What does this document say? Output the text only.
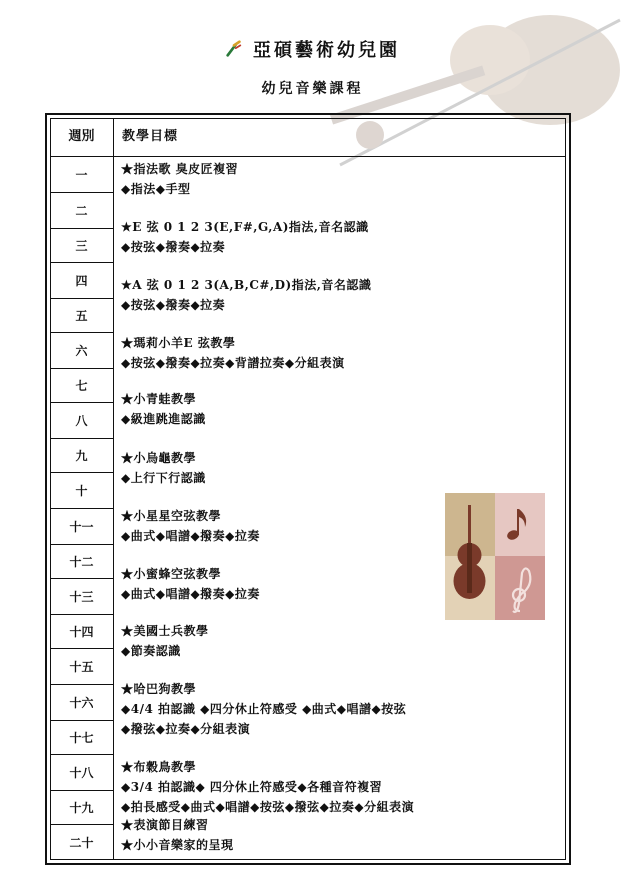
亞碩藝術幼兒園
幼兒音樂課程
週別	教學目標
一
二
三
四
五
六
七
八
九
十
十一
十二
十三
十四
十五
十六
十七
十八
十九
二十
★指法歌 臭皮匠複習
◆指法◆手型
★E 弦 0 1 2 3(E,F#,G,A)指法,音名認識
◆按弦◆撥奏◆拉奏
★A 弦 0 1 2 3(A,B,C#,D)指法,音名認識
◆按弦◆撥奏◆拉奏
★瑪莉小羊E 弦教學
◆按弦◆撥奏◆拉奏◆背譜拉奏◆分組表演
★小青蛙教學
◆級進跳進認識
★小烏龜教學
◆上行下行認識
★小星星空弦教學
◆曲式◆唱譜◆撥奏◆拉奏
★小蜜蜂空弦教學
◆曲式◆唱譜◆撥奏◆拉奏
★美國士兵教學
◆節奏認識
★哈巴狗教學
◆4/4 拍認識 ◆四分休止符感受 ◆曲式◆唱譜◆按弦
◆撥弦◆拉奏◆分組表演
★布穀鳥教學
◆3/4 拍認識◆ 四分休止符感受◆各種音符複習
◆拍長感受◆曲式◆唱譜◆按弦◆撥弦◆拉奏◆分組表演
★表演節目練習
★小小音樂家的呈現
